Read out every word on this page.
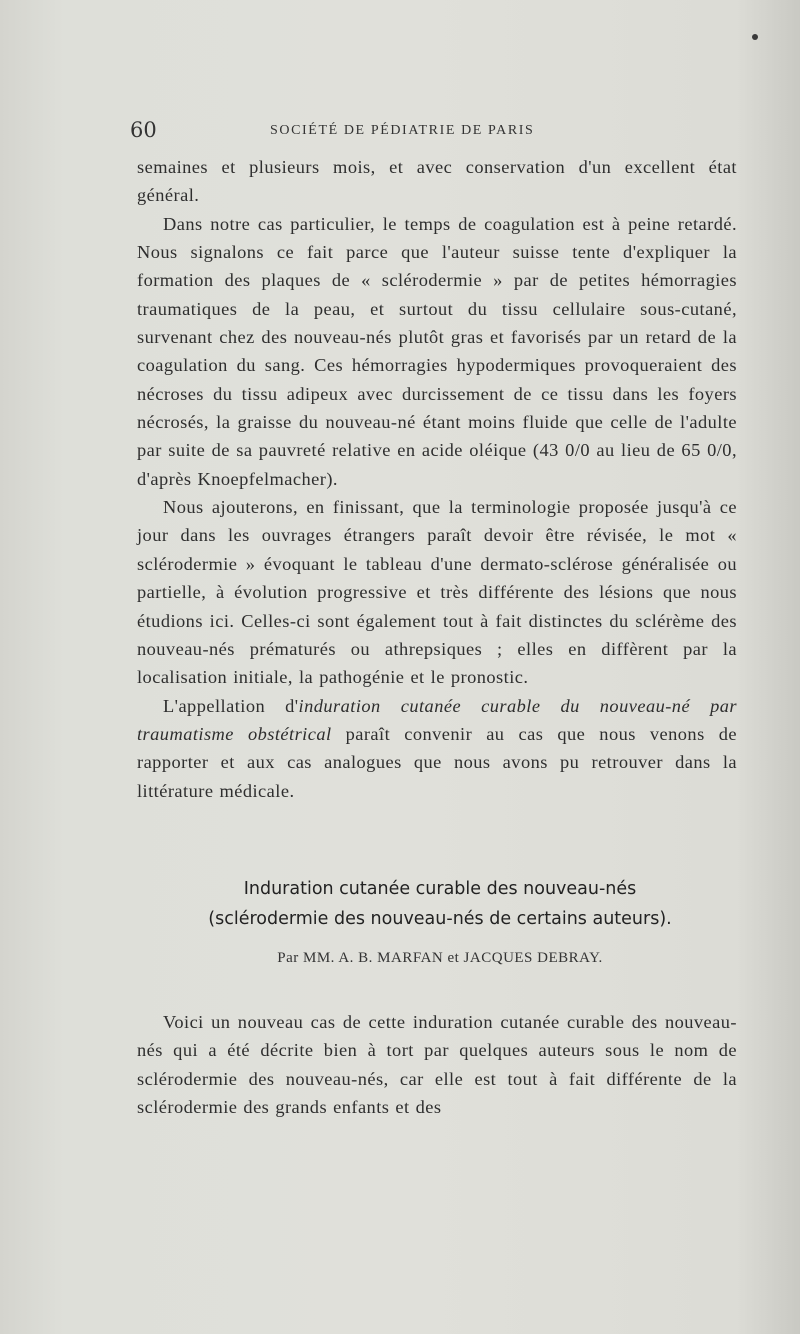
60	SOCIÉTÉ DE PÉDIATRIE DE PARIS

semaines et plusieurs mois, et avec conservation d'un excellent état général.

Dans notre cas particulier, le temps de coagulation est à peine retardé. Nous signalons ce fait parce que l'auteur suisse tente d'expliquer la formation des plaques de « sclérodermie » par de petites hémorragies traumatiques de la peau, et surtout du tissu cellulaire sous-cutané, survenant chez des nouveau-nés plutôt gras et favorisés par un retard de la coagulation du sang. Ces hémorragies hypodermiques provoqueraient des nécroses du tissu adipeux avec durcissement de ce tissu dans les foyers nécrosés, la graisse du nouveau-né étant moins fluide que celle de l'adulte par suite de sa pauvreté relative en acide oléique (43 0/0 au lieu de 65 0/0, d'après Knoepfelmacher).

Nous ajouterons, en finissant, que la terminologie proposée jusqu'à ce jour dans les ouvrages étrangers paraît devoir être révisée, le mot « sclérodermie » évoquant le tableau d'une dermato-sclérose généralisée ou partielle, à évolution progressive et très différente des lésions que nous étudions ici. Celles-ci sont également tout à fait distinctes du sclérème des nouveau-nés prématurés ou athrepsiques ; elles en diffèrent par la localisation initiale, la pathogénie et le pronostic.

L'appellation d'induration cutanée curable du nouveau-né par traumatisme obstétrical paraît convenir au cas que nous venons de rapporter et aux cas analogues que nous avons pu retrouver dans la littérature médicale.

Induration cutanée curable des nouveau-nés
(sclérodermie des nouveau-nés de certains auteurs).
Par MM. A. B. MARFAN et JACQUES DEBRAY.

Voici un nouveau cas de cette induration cutanée curable des nouveau-nés qui a été décrite bien à tort par quelques auteurs sous le nom de sclérodermie des nouveau-nés, car elle est tout à fait différente de la sclérodermie des grands enfants et des
